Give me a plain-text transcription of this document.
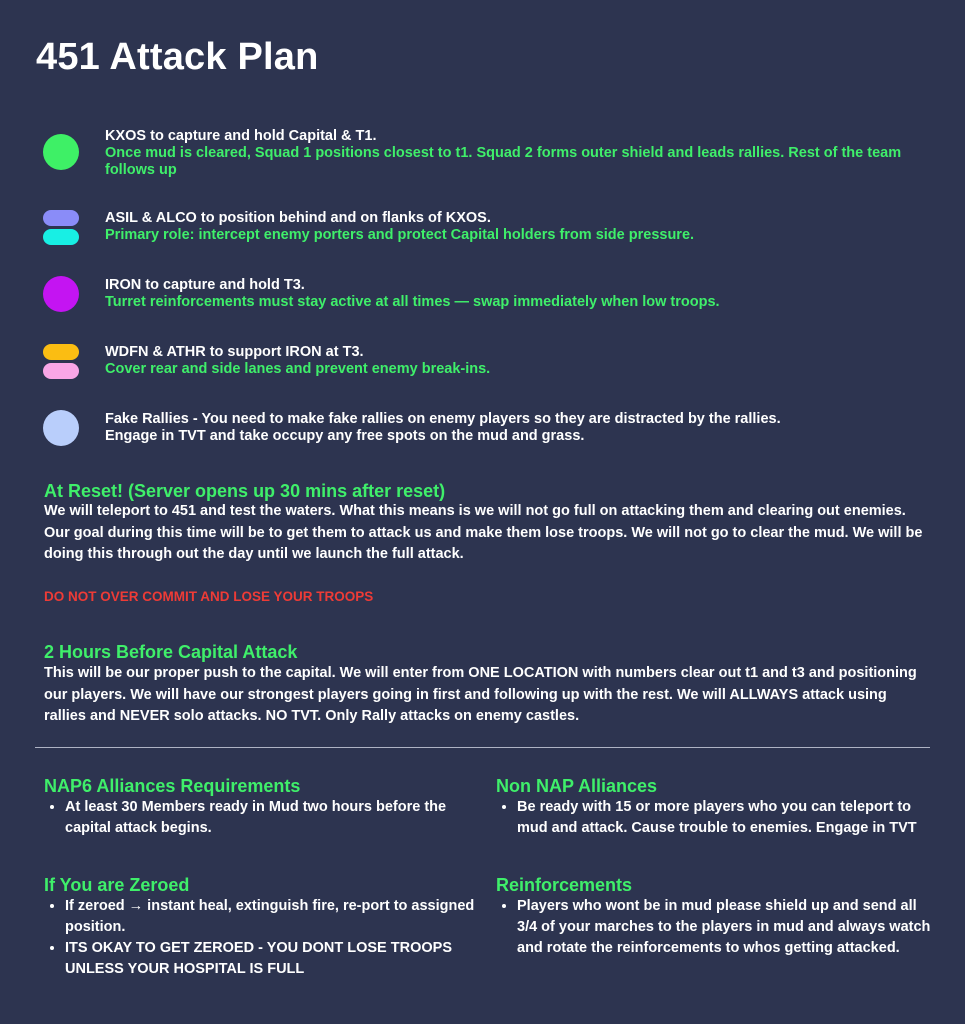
451 Attack Plan
KXOS to capture and hold Capital & T1.
Once mud is cleared, Squad 1 positions closest to t1. Squad 2 forms outer shield and leads rallies. Rest of the team follows up
ASIL & ALCO to position behind and on flanks of KXOS.
Primary role: intercept enemy porters and protect Capital holders from side pressure.
IRON to capture and hold T3.
Turret reinforcements must stay active at all times — swap immediately when low troops.
WDFN & ATHR to support IRON at T3.
Cover rear and side lanes and prevent enemy break-ins.
Fake Rallies - You need to make fake rallies on enemy players so they are distracted by the rallies.
Engage in TVT and take occupy any free spots on the mud and grass.
At Reset! (Server opens up 30 mins after reset)
We will teleport to 451 and test the waters. What this means is we will not go full on attacking them and clearing out enemies. Our goal during this time will be to get them to attack us and make them lose troops. We will not go to clear the mud. We will be doing this through out the day until we launch the full attack.
DO NOT OVER COMMIT AND LOSE YOUR TROOPS
2 Hours Before Capital Attack
This will be our proper push to the capital. We will enter from ONE LOCATION with numbers clear out t1 and t3 and positioning our players. We will have our strongest players going in first and following up with the rest. We will ALLWAYS attack using rallies and NEVER solo attacks. NO TVT. Only Rally attacks on enemy castles.
NAP6 Alliances Requirements
• At least 30 Members ready in Mud two hours before the capital attack begins.
Non NAP Alliances
• Be ready with 15 or more players who you can teleport to mud and attack. Cause trouble to enemies. Engage in TVT
If You are Zeroed
• If zeroed → instant heal, extinguish fire, re-port to assigned position.
• ITS OKAY TO GET ZEROED - YOU DONT LOSE TROOPS UNLESS YOUR HOSPITAL IS FULL
Reinforcements
• Players who wont be in mud please shield up and send all 3/4 of your marches to the players in mud and always watch and rotate the reinforcements to whos getting attacked.
